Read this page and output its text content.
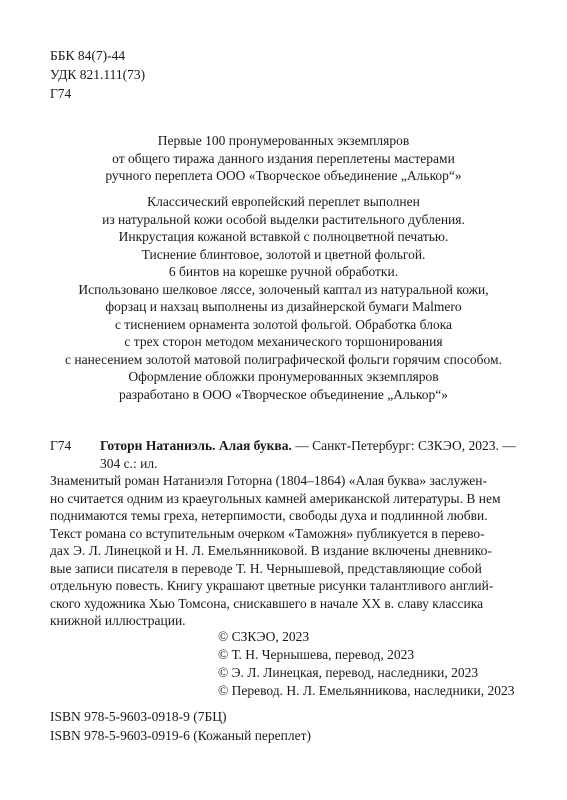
ББК 84(7)-44
УДК 821.111(73)
Г74
Первые 100 пронумерованных экземпляров
от общего тиража данного издания переплетены мастерами
ручного переплета ООО «Творческое объединение „Алькор“»
Классический европейский переплет выполнен
из натуральной кожи особой выделки растительного дубления.
Инкрустация кожаной вставкой с полноцветной печатью.
Тиснение блинтовое, золотой и цветной фольгой.
6 бинтов на корешке ручной обработки.
Использовано шелковое ляссе, золоченый каптал из натуральной кожи,
форзац и нахзац выполнены из дизайнерской бумаги Malmero
с тиснением орнамента золотой фольгой. Обработка блока
с трех сторон методом механического торшонирования
с нанесением золотой матовой полиграфической фольги горячим способом.
Оформление обложки пронумерованных экземпляров
разработано в ООО «Творческое объединение „Алькор“»
Г74 Готорн Натаниэль. Алая буква. — Санкт-Петербург: СЗКЭО, 2023. —
304 с.: ил.
Знаменитый роман Натаниэля Готорна (1804–1864) «Алая буква» заслужен-
но считается одним из краеугольных камней американской литературы. В нем
поднимаются темы греха, нетерпимости, свободы духа и подлинной любви.
Текст романа со вступительным очерком «Таможня» публикуется в перево-
дах Э. Л. Линецкой и Н. Л. Емельянниковой. В издание включены дневнико-
вые записи писателя в переводе Т. Н. Чернышевой, представляющие собой
отдельную повесть. Книгу украшают цветные рисунки талантливого англий-
ского художника Хью Томсона, снискавшего в начале XX в. славу классика
книжной иллюстрации.
© СЗКЭО, 2023
© Т. Н. Чернышева, перевод, 2023
© Э. Л. Линецкая, перевод, наследники, 2023
© Перевод. Н. Л. Емельянникова, наследники, 2023
ISBN 978-5-9603-0918-9 (7БЦ)
ISBN 978-5-9603-0919-6 (Кожаный переплет)
